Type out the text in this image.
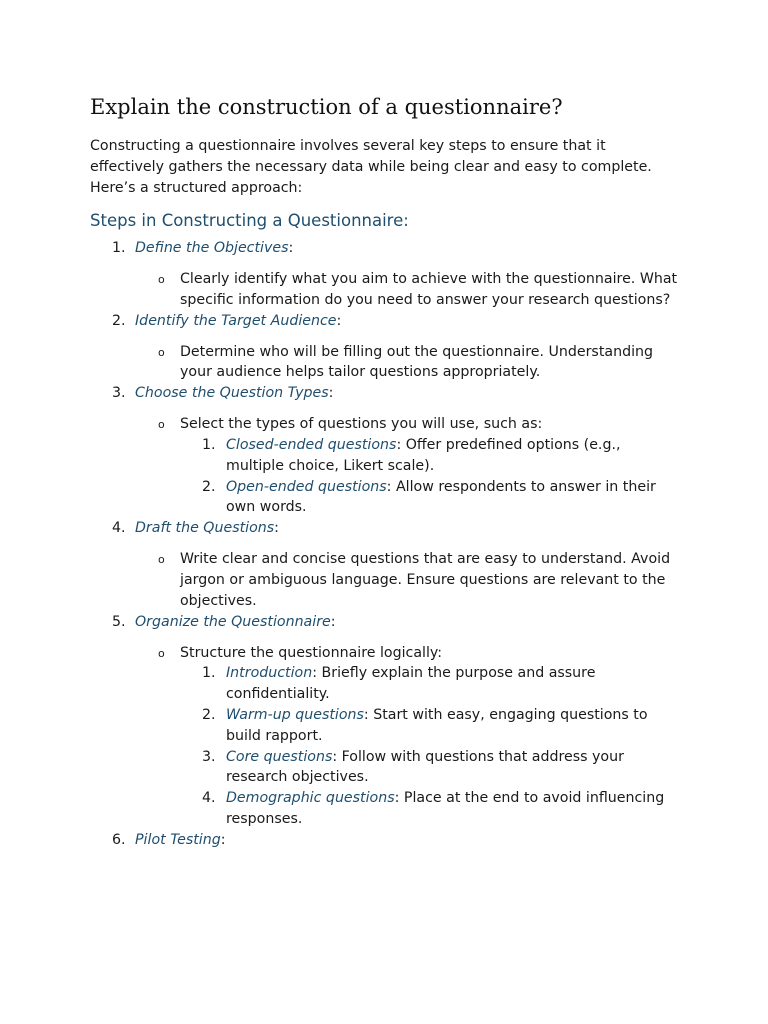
Explain the construction of a questionnaire?

Constructing a questionnaire involves several key steps to ensure that it effectively gathers the necessary data while being clear and easy to complete. Here’s a structured approach:

Steps in Constructing a Questionnaire:
1. Define the Objectives:
o Clearly identify what you aim to achieve with the questionnaire. What specific information do you need to answer your research questions?
2. Identify the Target Audience:
o Determine who will be filling out the questionnaire. Understanding your audience helps tailor questions appropriately.
3. Choose the Question Types:
o Select the types of questions you will use, such as:
1. Closed-ended questions: Offer predefined options (e.g., multiple choice, Likert scale).
2. Open-ended questions: Allow respondents to answer in their own words.
4. Draft the Questions:
o Write clear and concise questions that are easy to understand. Avoid jargon or ambiguous language. Ensure questions are relevant to the objectives.
5. Organize the Questionnaire:
o Structure the questionnaire logically:
1. Introduction: Briefly explain the purpose and assure confidentiality.
2. Warm-up questions: Start with easy, engaging questions to build rapport.
3. Core questions: Follow with questions that address your research objectives.
4. Demographic questions: Place at the end to avoid influencing responses.
6. Pilot Testing:
